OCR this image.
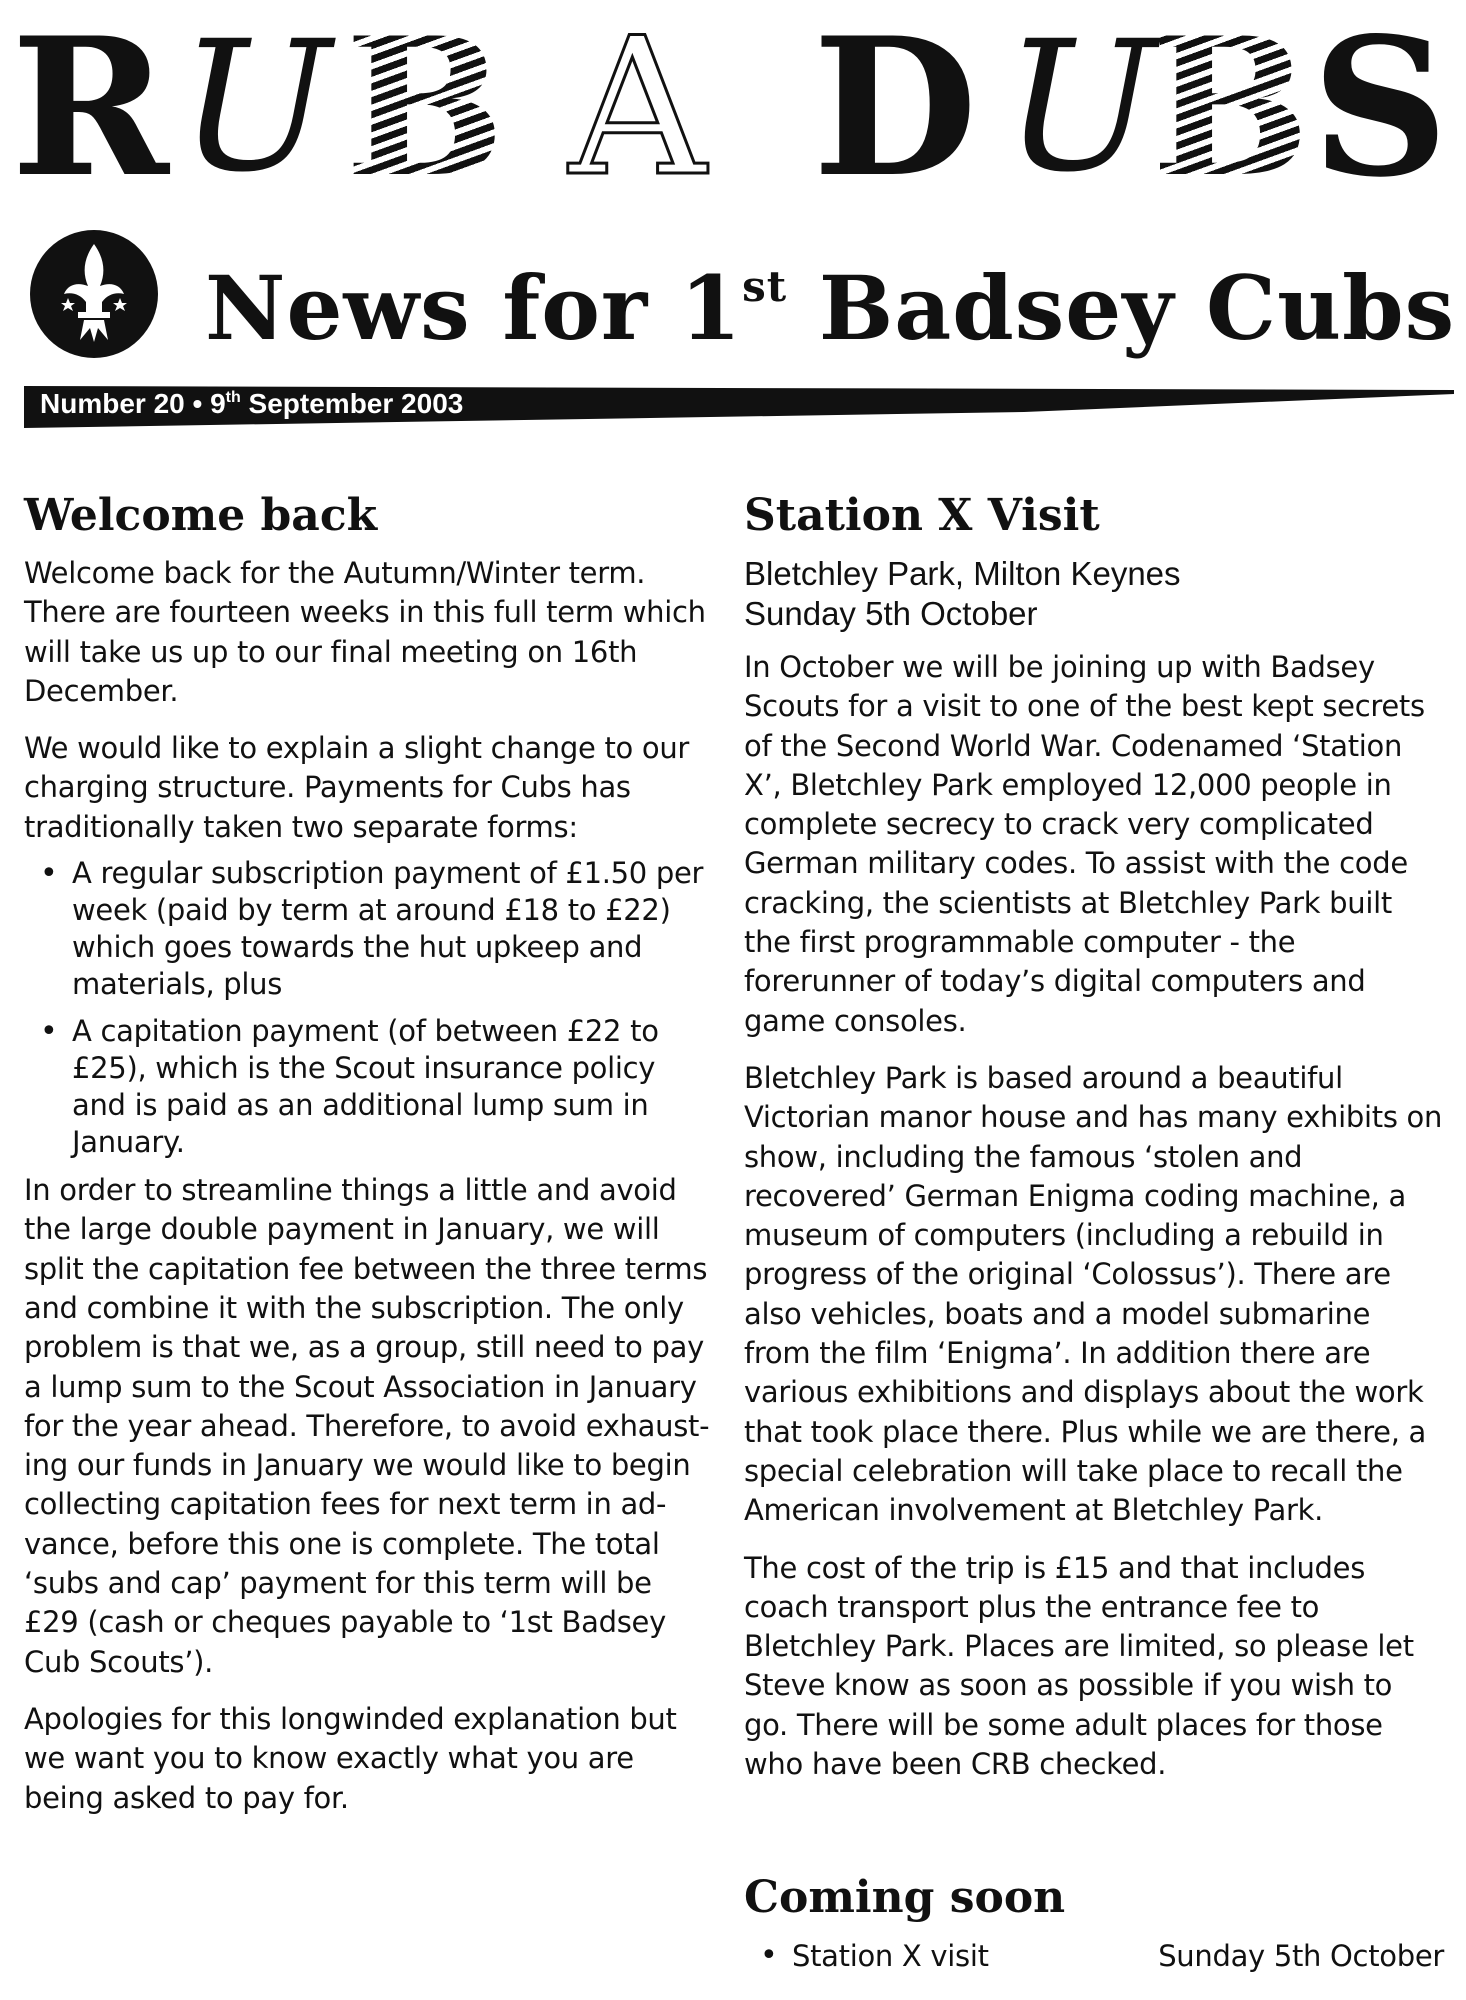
R U B A D U
B S
News for 1st Badsey Cubs
Number 20 • 9th September 2003
Welcome back

Welcome back for the Autumn/Winter term. There are fourteen weeks in this full term which will take us up to our final meeting on 16th December.

We would like to explain a slight change to our charging structure. Payments for Cubs has traditionally taken two separate forms:

• A regular subscription payment of £1.50 per week (paid by term at around £18 to £22) which goes towards the hut upkeep and materials, plus
• A capitation payment (of between £22 to £25), which is the Scout insurance policy and is paid as an additional lump sum in January.

In order to streamline things a little and avoid the large double payment in January, we will split the capitation fee between the three terms and combine it with the subscription. The only problem is that we, as a group, still need to pay a lump sum to the Scout Association in January for the year ahead. Therefore, to avoid exhaust-ing our funds in January we would like to begin collecting capitation fees for next term in ad-vance, before this one is complete. The total ‘subs and cap’ payment for this term will be £29 (cash or cheques payable to ‘1st Badsey Cub Scouts’).

Apologies for this longwinded explanation but we want you to know exactly what you are being asked to pay for.

Station X Visit
Bletchley Park, Milton Keynes
Sunday 5th October

In October we will be joining up with Badsey Scouts for a visit to one of the best kept secrets of the Second World War. Codenamed ‘Station X’, Bletchley Park employed 12,000 people in complete secrecy to crack very complicated German military codes. To assist with the code cracking, the scientists at Bletchley Park built the first programmable computer - the forerunner of today’s digital computers and game consoles.

Bletchley Park is based around a beautiful Victorian manor house and has many exhibits on show, including the famous ‘stolen and recovered’ German Enigma coding machine, a museum of computers (including a rebuild in progress of the original ‘Colossus’). There are also vehicles, boats and a model submarine from the film ‘Enigma’. In addition there are various exhibitions and displays about the work that took place there. Plus while we are there, a special celebration will take place to recall the American involvement at Bletchley Park.

The cost of the trip is £15 and that includes coach transport plus the entrance fee to Bletchley Park. Places are limited, so please let Steve know as soon as possible if you wish to go. There will be some adult places for those who have been CRB checked.

Coming soon
• Station X visit	Sunday 5th October
